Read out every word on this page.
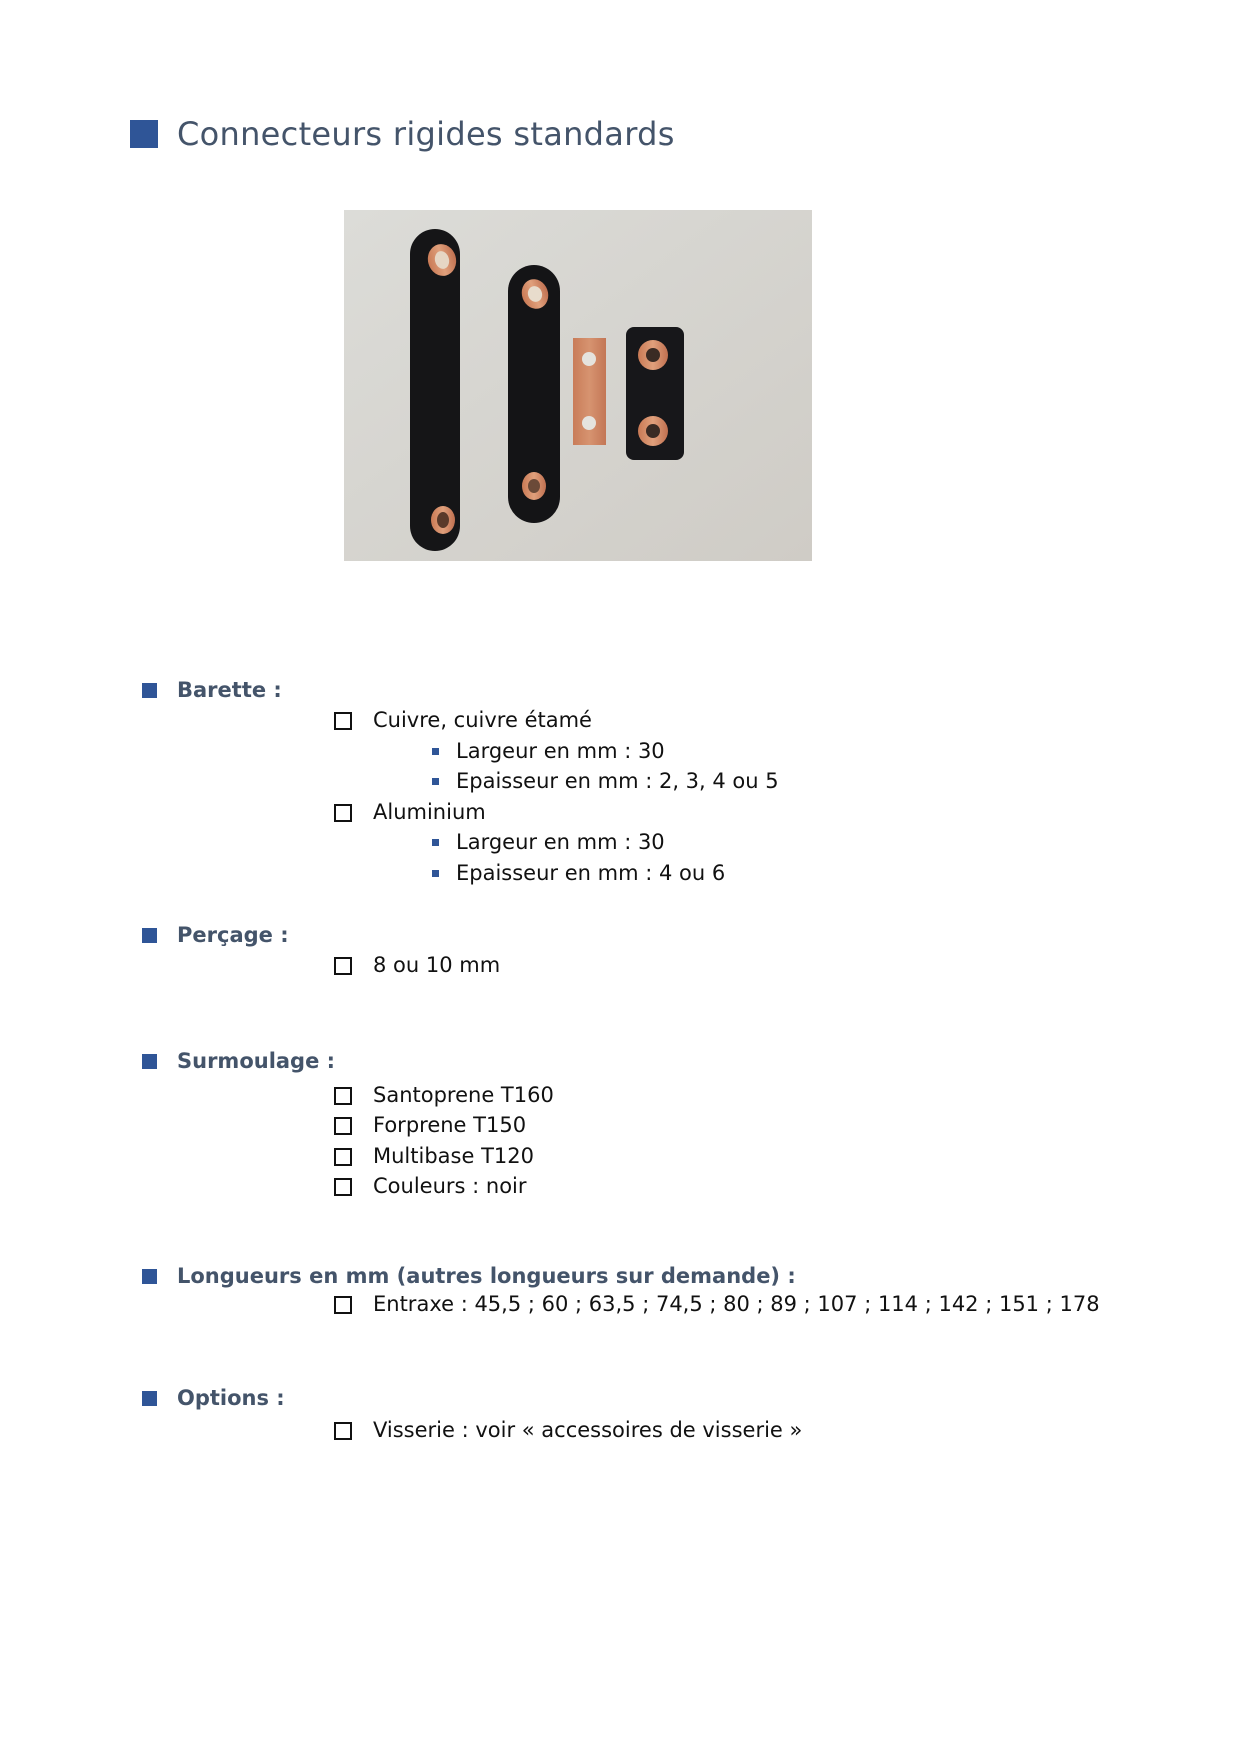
Connecteurs rigides standards
Barette :
Cuivre, cuivre étamé
Largeur en mm : 30
Epaisseur en mm : 2, 3, 4 ou 5
Aluminium
Largeur en mm : 30
Epaisseur en mm : 4 ou 6
Perçage :
8 ou 10 mm
Surmoulage :
Santoprene T160
Forprene T150
Multibase T120
Couleurs : noir
Longueurs en mm (autres longueurs sur demande) :
Entraxe : 45,5 ; 60 ; 63,5 ; 74,5 ; 80 ; 89 ; 107 ; 114 ; 142 ; 151 ; 178
Options :
Visserie : voir « accessoires de visserie »
